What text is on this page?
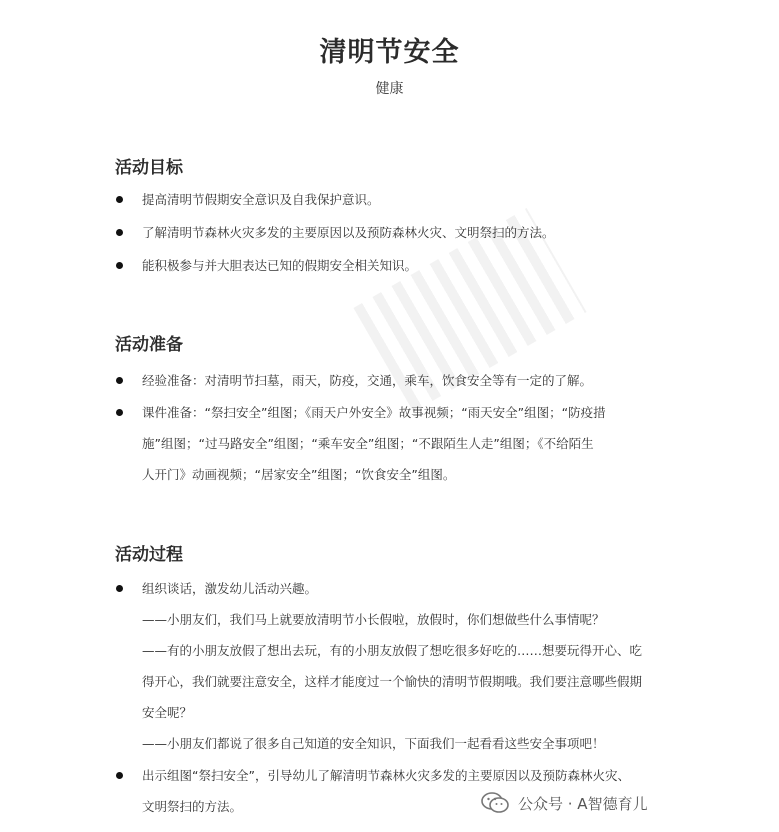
清明节安全
健康
活动目标
提高清明节假期安全意识及自我保护意识。
了解清明节森林火灾多发的主要原因以及预防森林火灾、文明祭扫的方法。
能积极参与并大胆表达已知的假期安全相关知识。
活动准备
经验准备：对清明节扫墓，雨天，防疫，交通，乘车，饮食安全等有一定的了解。
课件准备：“祭扫安全”组图；《雨天户外安全》故事视频；“雨天安全”组图；“防疫措
施”组图；“过马路安全”组图；“乘车安全”组图；“不跟陌生人走”组图；《不给陌生
人开门》动画视频；“居家安全”组图；“饮食安全”组图。
活动过程
组织谈话，激发幼儿活动兴趣。
——小朋友们，我们马上就要放清明节小长假啦，放假时，你们想做些什么事情呢？
——有的小朋友放假了想出去玩，有的小朋友放假了想吃很多好吃的……想要玩得开心、吃
得开心，我们就要注意安全，这样才能度过一个愉快的清明节假期哦。我们要注意哪些假期
安全呢？
——小朋友们都说了很多自己知道的安全知识，下面我们一起看看这些安全事项吧！
出示组图“祭扫安全”，引导幼儿了解清明节森林火灾多发的主要原因以及预防森林火灾、
文明祭扫的方法。	公众号 · A智德育儿
